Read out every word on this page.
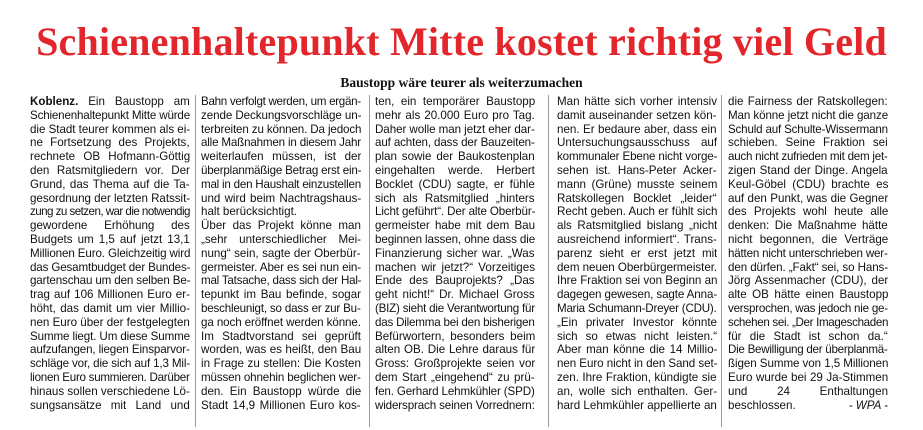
Schienenhaltepunkt Mitte kostet richtig viel Geld
Baustopp wäre teurer als weiterzumachen
Koblenz. Ein Baustopp am
Schienenhaltepunkt Mitte würde
die Stadt teurer kommen als ei-
ne Fortsetzung des Projekts,
rechnete OB Hofmann-Göttig
den Ratsmitgliedern vor. Der
Grund, das Thema auf die Ta-
gesordnung der letzten Ratssit-
zung zu setzen, war die notwendig
gewordene Erhöhung des
Budgets um 1,5 auf jetzt 13,1
Millionen Euro. Gleichzeitig wird
das Gesamtbudget der Bundes-
gartenschau um den selben Be-
trag auf 106 Millionen Euro er-
höht, das damit um vier Millio-
nen Euro über der festgelegten
Summe liegt. Um diese Summe
aufzufangen, liegen Einsparvor-
schläge vor, die sich auf 1,3 Mil-
lionen Euro summieren. Darüber
hinaus sollen verschiedene Lö-
sungsansätze mit Land und
Bahn verfolgt werden, um ergän-
zende Deckungsvorschläge un-
terbreiten zu können. Da jedoch
alle Maßnahmen in diesem Jahr
weiterlaufen müssen, ist der
überplanmäßige Betrag erst ein-
mal in den Haushalt einzustellen
und wird beim Nachtragshaus-
halt berücksichtigt.
Über das Projekt könne man
„sehr unterschiedlicher Mei-
nung“ sein, sagte der Oberbür-
germeister. Aber es sei nun ein-
mal Tatsache, dass sich der Hal-
tepunkt im Bau befinde, sogar
beschleunigt, so dass er zur Bu-
ga noch eröffnet werden könne.
Im Stadtvorstand sei geprüft
worden, was es heißt, den Bau
in Frage zu stellen: Die Kosten
müssen ohnehin beglichen wer-
den. Ein Baustopp würde die
Stadt 14,9 Millionen Euro kos-
ten, ein temporärer Baustopp
mehr als 20.000 Euro pro Tag.
Daher wolle man jetzt eher dar-
auf achten, dass der Bauzeiten-
plan sowie der Baukostenplan
eingehalten werde. Herbert
Bocklet (CDU) sagte, er fühle
sich als Ratsmitglied „hinters
Licht geführt“. Der alte Oberbür-
germeister habe mit dem Bau
beginnen lassen, ohne dass die
Finanzierung sicher war. „Was
machen wir jetzt?“ Vorzeitiges
Ende des Bauprojekts? „Das
geht nicht!“ Dr. Michael Gross
(BIZ) sieht die Verantwortung für
das Dilemma bei den bisherigen
Befürwortern, besonders beim
alten OB. Die Lehre daraus für
Gross: Großprojekte seien vor
dem Start „eingehend“ zu prü-
fen. Gerhard Lehmkühler (SPD)
widersprach seinen Vorrednern:
Man hätte sich vorher intensiv
damit auseinander setzen kön-
nen. Er bedaure aber, dass ein
Untersuchungsausschuss auf
kommunaler Ebene nicht vorge-
sehen ist. Hans-Peter Acker-
mann (Grüne) musste seinem
Ratskollegen Bocklet „leider“
Recht geben. Auch er fühlt sich
als Ratsmitglied bislang „nicht
ausreichend informiert“. Trans-
parenz sieht er erst jetzt mit
dem neuen Oberbürgermeister.
Ihre Fraktion sei von Beginn an
dagegen gewesen, sagte Anna-
Maria Schumann-Dreyer (CDU).
„Ein privater Investor könnte
sich so etwas nicht leisten.“
Aber man könne die 14 Millio-
nen Euro nicht in den Sand set-
zen. Ihre Fraktion, kündigte sie
an, wolle sich enthalten. Ger-
hard Lehmkühler appellierte an
die Fairness der Ratskollegen:
Man könne jetzt nicht die ganze
Schuld auf Schulte-Wissermann
schieben. Seine Fraktion sei
auch nicht zufrieden mit dem jet-
zigen Stand der Dinge. Angela
Keul-Göbel (CDU) brachte es
auf den Punkt, was die Gegner
des Projekts wohl heute alle
denken: Die Maßnahme hätte
nicht begonnen, die Verträge
hätten nicht unterschrieben wer-
den dürfen. „Fakt“ sei, so Hans-
Jörg Assenmacher (CDU), der
alte OB hätte einen Baustopp
versprochen, was jedoch nie ge-
schehen sei. „Der Imageschaden
für die Stadt ist schon da.“
Die Bewilligung der überplanmä-
ßigen Summe von 1,5 Millionen
Euro wurde bei 29 Ja-Stimmen
und 24 Enthaltungen
beschlossen.	- WPA -
